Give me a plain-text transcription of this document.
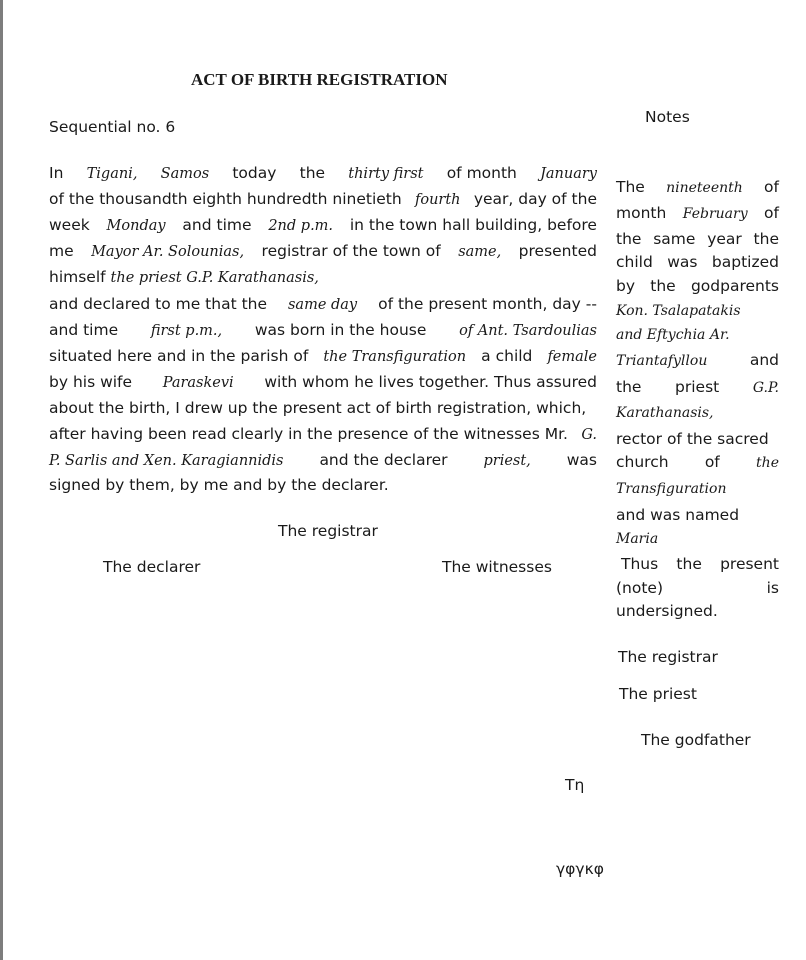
ACT OF BIRTH REGISTRATION
Sequential no. 6
Notes
In Tigani, Samos today the thirty first of month January
of the thousandth eighth hundredth ninetieth fourth year, day of the
week Monday and time 2nd p.m. in the town hall building, before
me Mayor Ar. Solounias, registrar of the town of same, presented
himself the priest G.P. Karathanasis,
and declared to me that the same day of the present month, day --
and time first p.m., was born in the house of Ant. Tsardoulias
situated here and in the parish of the Transfiguration a child female
by his wife Paraskevi with whom he lives together. Thus assured
about the birth, I drew up the present act of birth registration, which,
after having been read clearly in the presence of the witnesses Mr. G.
P. Sarlis and Xen. Karagiannidis and the declarer priest, was
signed by them, by me and by the declarer.
The registrar
The declarer	The witnesses
The nineteenth of
month February of
the same year the
child was baptized
by the godparents
Kon. Tsalapatakis
and Eftychia Ar.
Triantafyllou	and
the priest G.P.
Karathanasis,
rector of the sacred
church of	the
Transfiguration
and was named
Maria
Thus the present
(note)	is
undersigned.
The registrar
The priest
The godfather
Τη
γφγκφ
